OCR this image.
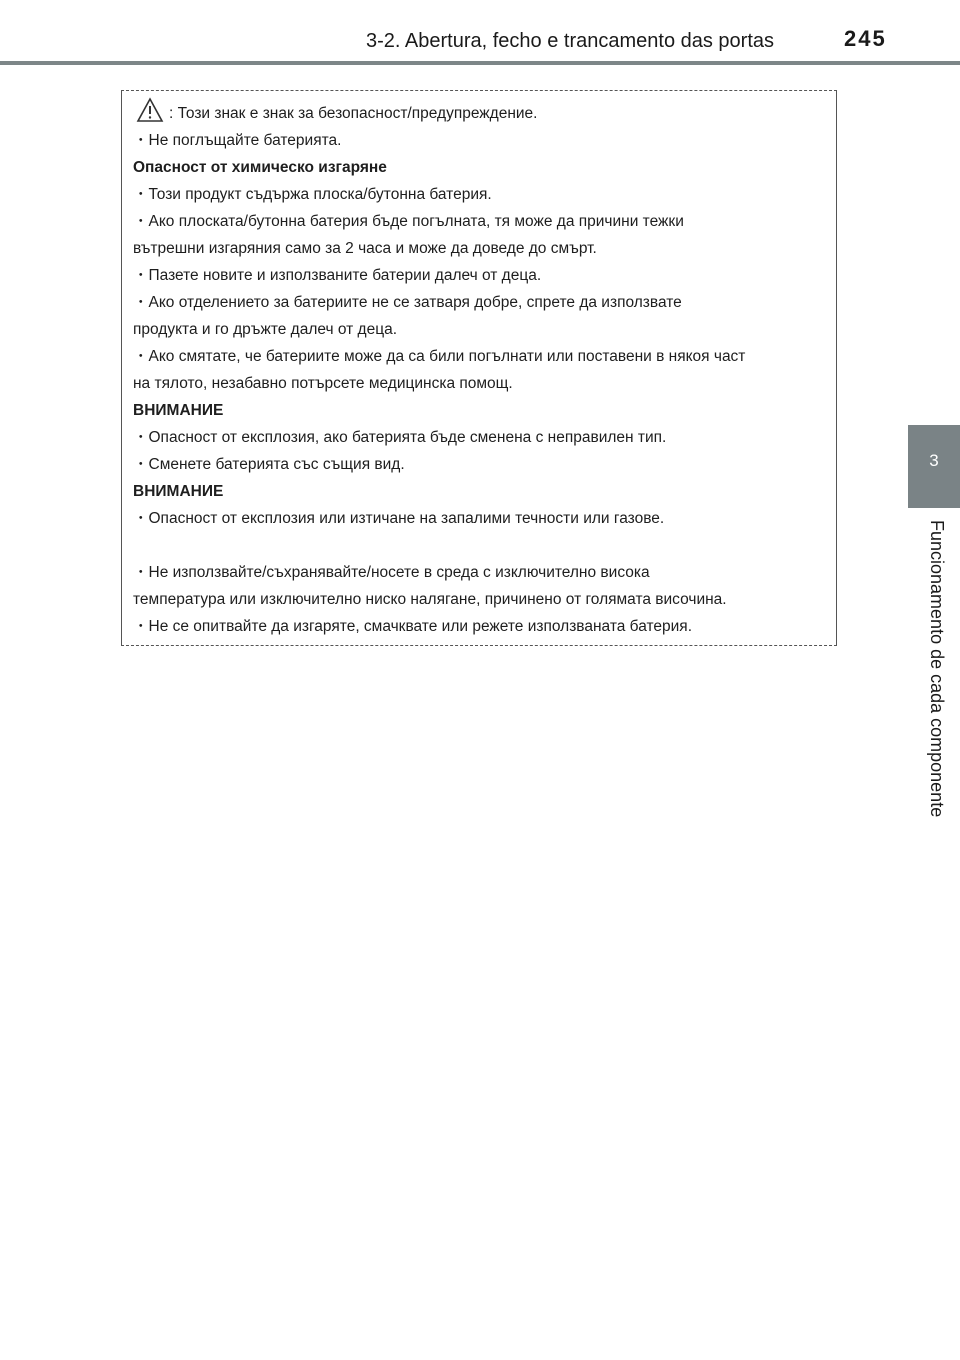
3-2. Abertura, fecho e trancamento das portas	245
3
Funcionamento de cada componente
: Този знак е знак за безопасност/предупреждение.
・Не поглъщайте батерията.
Опасност от химическо изгаряне
・Този продукт съдържа плоска/бутонна батерия.
・Ако плоската/бутонна батерия бъде погълната, тя може да причини тежки
вътрешни изгаряния само за 2 часа и може да доведе до смърт.
・Пазете новите и използваните батерии далеч от деца.
・Ако отделението за батериите не се затваря добре, спрете да използвате
продукта и го дръжте далеч от деца.
・Ако смятате, че батериите може да са били погълнати или поставени в някоя част
на тялото, незабавно потърсете медицинска помощ.
ВНИМАНИЕ
・Опасност от експлозия, ако батерията бъде сменена с неправилен тип.
・Сменете батерията със същия вид.
ВНИМАНИЕ
・Опасност от експлозия или изтичане на запалими течности или газове.
・Не използвайте/съхранявайте/носете в среда с изключително висока
температура или изключително ниско налягане, причинено от голямата височина.
・Не се опитвайте да изгаряте, смачквате или режете използваната батерия.
